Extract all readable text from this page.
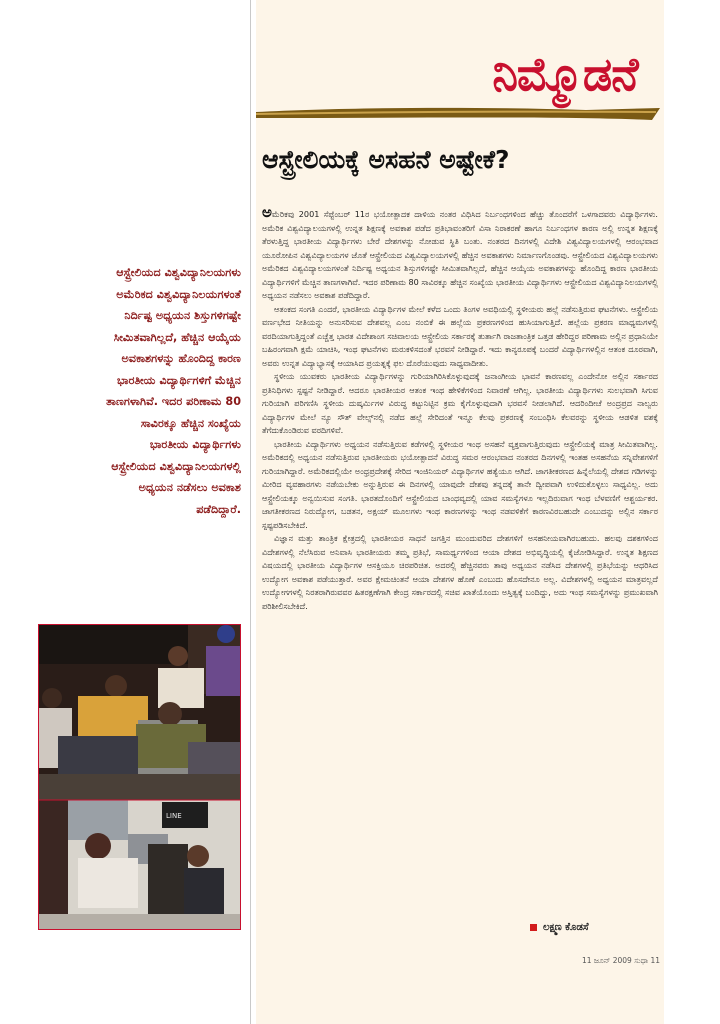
ನಿಮ್ಮೊಡನೆ
ಆಸ್ಟ್ರೇಲಿಯಕ್ಕೆ ಅಸಹನೆ ಅಷ್ಟೇಕೆ?

ಅಮೆರಿಕವು 2001 ಸೆಪ್ಟೆಂಬರ್ 11ರ ಭಯೋತ್ಪಾದಕ ದಾಳಿಯ ನಂತರ ವಿಧಿಸಿದ ನಿರ್ಬಂಧಗಳಿಂದ ಹೆಚ್ಚು ತೊಂದರೆಗೆ ಒಳಗಾದವರು ವಿದ್ಯಾರ್ಥಿಗಳು. ಅಮೆರಿಕ ವಿಶ್ವವಿದ್ಯಾಲಯಗಳಲ್ಲಿ ಉನ್ನತ ಶಿಕ್ಷಣಕ್ಕೆ ಅವಕಾಶ ಪಡೆದ ಪ್ರತಿಭಾವಂತರಿಗೆ ವಿಸಾ ನಿರಾಕರಣೆ ಹಾಗೂ ನಿರ್ಬಂಧಗಳ ಕಾರಣ ಅಲ್ಲಿ ಉನ್ನತ ಶಿಕ್ಷಣಕ್ಕೆ ತೆರಳುತ್ತಿದ್ದ ಭಾರತೀಯ ವಿದ್ಯಾರ್ಥಿಗಳು ಬೇರೆ ದೇಶಗಳನ್ನು ನೋಡುವ ಸ್ಥಿತಿ ಬಂತು. ನಂತರದ ದಿನಗಳಲ್ಲಿ ವಿದೇಶಿ ವಿಶ್ವವಿದ್ಯಾಲಯಗಳಲ್ಲಿ ಆರಂಭವಾದ ಯೂರೋಪಿನ ವಿಶ್ವವಿದ್ಯಾಲಯಗಳ ಜೊತೆ ಆಸ್ಟ್ರೇಲಿಯದ ವಿಶ್ವವಿದ್ಯಾಲಯಗಳಲ್ಲಿ ಹೆಚ್ಚಿನ ಅವಕಾಶಗಳು ನಿರ್ಮಾಣಗೊಂಡವು. ಆಸ್ಟ್ರೇಲಿಯದ ವಿಶ್ವವಿದ್ಯಾಲಯಗಳು ಅಮೆರಿಕದ ವಿಶ್ವವಿದ್ಯಾಲಯಗಳಂತೆ ನಿರ್ದಿಷ್ಟ ಅಧ್ಯಯನ ಶಿಸ್ತುಗಳಿಗಷ್ಟೇ ಸೀಮಿತವಾಗಿಲ್ಲದೆ, ಹೆಚ್ಚಿನ ಆಯ್ಕೆಯ ಅವಕಾಶಗಳನ್ನು ಹೊಂದಿದ್ದ ಕಾರಣ ಭಾರತೀಯ ವಿದ್ಯಾರ್ಥಿಗಳಿಗೆ ಮೆಚ್ಚಿನ ತಾಣಗಳಾಗಿವೆ. ಇದರ ಪರಿಣಾಮ 80 ಸಾವಿರಕ್ಕೂ ಹೆಚ್ಚಿನ ಸಂಖ್ಯೆಯ ಭಾರತೀಯ ವಿದ್ಯಾರ್ಥಿಗಳು ಆಸ್ಟ್ರೇಲಿಯದ ವಿಶ್ವವಿದ್ಯಾನಿಲಯಗಳಲ್ಲಿ ಅಧ್ಯಯನ ನಡೆಸಲು ಅವಕಾಶ ಪಡೆದಿದ್ದಾರೆ.

ಆತಂಕದ ಸಂಗತಿ ಎಂದರೆ, ಭಾರತೀಯ ವಿದ್ಯಾರ್ಥಿಗಳ ಮೇಲೆ ಕಳೆದ ಒಂದು ತಿಂಗಳ ಅವಧಿಯಲ್ಲಿ ಸ್ಥಳೀಯರು ಹಲ್ಲೆ ನಡೆಸುತ್ತಿರುವ ಘಟನೆಗಳು. ಆಸ್ಟ್ರೇಲಿಯ ವರ್ಣಭೇದ ನೀತಿಯನ್ನು ಅನುಸರಿಸುವ ದೇಶವಲ್ಲ ಎಂಬ ನಂಬಿಕೆ ಈ ಹಲ್ಲೆಯ ಪ್ರಕರಣಗಳಿಂದ ಹುಸಿಯಾಗುತ್ತಿದೆ. ಹಲ್ಲೆಯ ಪ್ರಕರಣ ಮಾಧ್ಯಮಗಳಲ್ಲಿ ವರದಿಯಾಗುತ್ತಿದ್ದಂತೆ ಎಚ್ಚೆತ್ತ ಭಾರತ ವಿದೇಶಾಂಗ ಸಚಿವಾಲಯ ಆಸ್ಟ್ರೇಲಿಯ ಸರ್ಕಾರಕ್ಕೆ ತುರ್ತಾಗಿ ರಾಜತಾಂತ್ರಿಕ ಒತ್ತಡ ಹೇರಿದ್ದರ ಪರಿಣಾಮ ಅಲ್ಲಿನ ಪ್ರಧಾನಿಯೇ ಬಹಿರಂಗವಾಗಿ ಕ್ಷಮೆ ಯಾಚಿಸಿ, ಇಂಥ ಘಟನೆಗಳು ಮರುಕಳಿಸದಂತೆ ಭರವಸೆ ನೀಡಿದ್ದಾರೆ. ಇದು ಕಾನ್ಯರೂಪಕ್ಕೆ ಬಂದರೆ ವಿದ್ಯಾರ್ಥಿಗಳಲ್ಲಿನ ಆತಂಕ ದೂರವಾಗಿ, ಅವರು ಉನ್ನತ ವಿದ್ಯಾಭ್ಯಾಸಕ್ಕೆ ಆಯಾಸಿದ ಪ್ರಯತ್ನಕ್ಕೆ ಫಲ ದೊರೆಯುವುದು ಸಾಧ್ಯವಾದೀತು.

ಸ್ಥಳೀಯ ಯುವಕರು ಭಾರತೀಯ ವಿದ್ಯಾರ್ಥಿಗಳನ್ನು ಗುರಿಯಾಗಿರಿಸಿಕೊಳ್ಳುವುದಕ್ಕೆ ಜನಾಂಗೀಯ ಭಾವನೆ ಕಾರಣವಲ್ಲ ಎಂದೇನೋ ಅಲ್ಲಿನ ಸರ್ಕಾರದ ಪ್ರತಿನಿಧಿಗಳು ಸ್ಪಷ್ಟನೆ ನೀಡಿದ್ದಾರೆ. ಆದರೂ ಭಾರತೀಯರ ಆತಂಕ ಇಂಥ ಹೇಳಿಕೆಗಳಿಂದ ನಿವಾರಣೆ ಆಗಿಲ್ಲ. ಭಾರತೀಯ ವಿದ್ಯಾರ್ಥಿಗಳು ಸುಲಭವಾಗಿ ಸಿಗುವ ಗುರಿಯಾಗಿ ಪರಿಗಣಿಸಿ ಸ್ಥಳೀಯ ದುಷ್ಕರ್ಮಿಗಳ ವಿರುದ್ಧ ಕಟ್ಟುನಿಟ್ಟಿನ ಕ್ರಮ ಕೈಗೊಳ್ಳುವುದಾಗಿ ಭರವಸೆ ನೀಡಲಾಗಿದೆ. ಆದರಿಂದೀಚೆ ಅಂದ್ರಪ್ರದ ನಾಲ್ವರು ವಿದ್ಯಾರ್ಥಿಗಳ ಮೇಲೆ ನ್ಯೂ ಸೌತ್ ವೇಲ್ಸ್‌ನಲ್ಲಿ ನಡೆದ ಹಲ್ಲೆ ಸೇರಿದಂತೆ ಇನ್ನೂ ಕೆಲವು ಪ್ರಕರಣಕ್ಕೆ ಸಂಬಂಧಿಸಿ ಕೆಲವರನ್ನು ಸ್ಥಳೀಯ ಆಡಳಿತ ವಶಕ್ಕೆ ತೆಗೆದುಕೊಂಡಿರುವ ವರದಿಗಳಿವೆ.

ಭಾರತೀಯ ವಿದ್ಯಾರ್ಥಿಗಳು ಅಧ್ಯಯನ ನಡೆಸುತ್ತಿರುವ ಕಡೆಗಳಲ್ಲಿ ಸ್ಥಳೀಯರ ಇಂಥ ಅಸಹನೆ ವ್ಯಕ್ತವಾಗುತ್ತಿರುವುದು ಆಸ್ಟ್ರೇಲಿಯಕ್ಕೆ ಮಾತ್ರ ಸೀಮಿತವಾಗಿಲ್ಲ. ಅಮೆರಿಕದಲ್ಲಿ ಅಧ್ಯಯನ ನಡೆಸುತ್ತಿರುವ ಭಾರತೀಯರು ಭಯೋತ್ಪಾದನೆ ವಿರುದ್ಧ ಸಮರ ಆರಂಭವಾದ ನಂತರದ ದಿನಗಳಲ್ಲಿ ಇಂತಹ ಅಸಹನೆಯ ಸನ್ನಿವೇಶಗಳಿಗೆ ಗುರಿಯಾಗಿದ್ದಾರೆ. ಅಮೆರಿಕದಲ್ಲಿಯೇ ಅಂಧ್ರಪ್ರದೇಶಕ್ಕೆ ಸೇರಿದ ಇಂಜಿನಿಯರ್ ವಿದ್ಯಾರ್ಥಿಗಳ ಹತ್ಯೆಯೂ ಆಗಿದೆ. ಜಾಗತೀಕರಣದ ಹಿನ್ನೆಲೆಯಲ್ಲಿ ದೇಶದ ಗಡಿಗಳನ್ನು ಮೀರಿದ ವ್ಯವಹಾರಗಳು ನಡೆಯಬೇಕು ಅನ್ನುತ್ತಿರುವ ಈ ದಿನಗಳಲ್ಲಿ ಯಾವುದೇ ದೇಶವು ತನ್ನದಕ್ಕೆ ತಾನೇ ದ್ವೀಪವಾಗಿ ಉಳಿದುಕೊಳ್ಳಲು ಸಾಧ್ಯವಿಲ್ಲ. ಅದು ಆಸ್ಟ್ರೇಲಿಯಕ್ಕೂ ಅನ್ವಯಿಸುವ ಸಂಗತಿ. ಭಾರತದೊಂದಿಗೆ ಆಸ್ಟ್ರೇಲಿಯದ ಬಾಂಧವ್ಯದಲ್ಲಿ ಯಾವ ಸಮಸ್ಯೆಗಳೂ ಇಲ್ಲದಿರುವಾಗ ಇಂಥ ಬೆಳವಣಿಗೆ ಆಶ್ಚರ್ಯಕರ. ಜಾಗತೀಕರಣದ ನಿರುದ್ಯೋಗ, ಬಡತನ, ಅಕ್ಷಯ್ ಮೂಲಗಳು ಇಂಥ ಕಾರಣಗಳನ್ನು ಇಂಥ ನಡವಳಿಕೆಗೆ ಕಾರಣವಿರಬಹುದೇ ಎಂಬುದನ್ನು ಅಲ್ಲಿನ ಸರ್ಕಾರ ಸ್ಪಷ್ಟಪಡಿಸಬೇಕಿದೆ.

ವಿಜ್ಞಾನ ಮತ್ತು ತಾಂತ್ರಿಕ ಕ್ಷೇತ್ರದಲ್ಲಿ ಭಾರತೀಯರ ಸಾಧನೆ ಜಗತ್ತಿನ ಮುಂದುವರಿದ ದೇಶಗಳಿಗೆ ಅಸಹನೀಯವಾಗಿರಬಹುದು. ಹಲವು ದಶಕಗಳಿಂದ ವಿದೇಶಗಳಲ್ಲಿ ನೆಲೆಸಿರುವ ಅನಿವಾಸಿ ಭಾರತೀಯರು ತಮ್ಮ ಪ್ರತಿಭೆ, ಸಾಮರ್ಥ್ಯಗಳಿಂದ ಆಯಾ ದೇಶದ ಅಭಿವೃದ್ಧಿಯಲ್ಲಿ ಕೈಜೋಡಿಸಿದ್ದಾರೆ. ಉನ್ನತ ಶಿಕ್ಷಣದ ವಿಷಯದಲ್ಲಿ ಭಾರತೀಯ ವಿದ್ಯಾರ್ಥಿಗಳ ಆಸಕ್ತಿಯೂ ಚಿರಪರಿಚಿತ. ಅದರಲ್ಲಿ ಹೆಚ್ಚಿನವರು ತಾವು ಅಧ್ಯಯನ ನಡೆಸಿದ ದೇಶಗಳಲ್ಲಿ ಪ್ರತಿಭೆಯನ್ನು ಆಧರಿಸಿದ ಉದ್ಯೋಗ ಅವಕಾಶ ಪಡೆಯುತ್ತಾರೆ. ಅವರ ಕ್ಷೇಮಚಿಂತನೆ ಆಯಾ ದೇಶಗಳ ಹೊಣೆ ಎಂಬುದು ಹೊಸದೇನೂ ಅಲ್ಲ. ವಿದೇಶಗಳಲ್ಲಿ ಅಧ್ಯಯನ ಮಾತ್ರವಲ್ಲದೆ ಉದ್ಯೋಗಗಳಲ್ಲಿ ನಿರತರಾಗಿರುವವರ ಹಿತರಕ್ಷಣೆಗಾಗಿ ಕೇಂದ್ರ ಸರ್ಕಾರದಲ್ಲಿ ಸಚಿವ ಖಾತೆಯೊಂದು ಅಸ್ತಿತ್ವಕ್ಕೆ ಬಂದಿದ್ದು, ಅದು ಇಂಥ ಸಮಸ್ಯೆಗಳನ್ನು ಪ್ರಮುಖವಾಗಿ ಪರಿಶೀಲಿಸಬೇಕಿದೆ.

ಲಕ್ಷ್ಮಣ ಕೊಡಸೆ
11 ಜೂನ್ 2009 ಸುಧಾ 11
ಆಸ್ಟ್ರೇಲಿಯದ ವಿಶ್ವವಿದ್ಯಾನಿಲಯಗಳು
ಅಮೆರಿಕದ ವಿಶ್ವವಿದ್ಯಾನಿಲಯಗಳಂತೆ
ನಿರ್ದಿಷ್ಟ ಅಧ್ಯಯನ ಶಿಸ್ತುಗಳಿಗಷ್ಟೇ
ಸೀಮಿತವಾಗಿಲ್ಲದೆ, ಹೆಚ್ಚಿನ ಆಯ್ಕೆಯ
ಅವಕಾಶಗಳನ್ನು ಹೊಂದಿದ್ದ ಕಾರಣ
ಭಾರತೀಯ ವಿದ್ಯಾರ್ಥಿಗಳಿಗೆ ಮೆಚ್ಚಿನ
ತಾಣಗಳಾಗಿವೆ. ಇದರ ಪರಿಣಾಮ 80
ಸಾವಿರಕ್ಕೂ ಹೆಚ್ಚಿನ ಸಂಖ್ಯೆಯ
ಭಾರತೀಯ ವಿದ್ಯಾರ್ಥಿಗಳು
ಆಸ್ಟ್ರೇಲಿಯದ ವಿಶ್ವವಿದ್ಯಾನಿಲಯಗಳಲ್ಲಿ
ಅಧ್ಯಯನ ನಡೆಸಲು ಅವಕಾಶ
ಪಡೆದಿದ್ದಾರೆ.
LINE
